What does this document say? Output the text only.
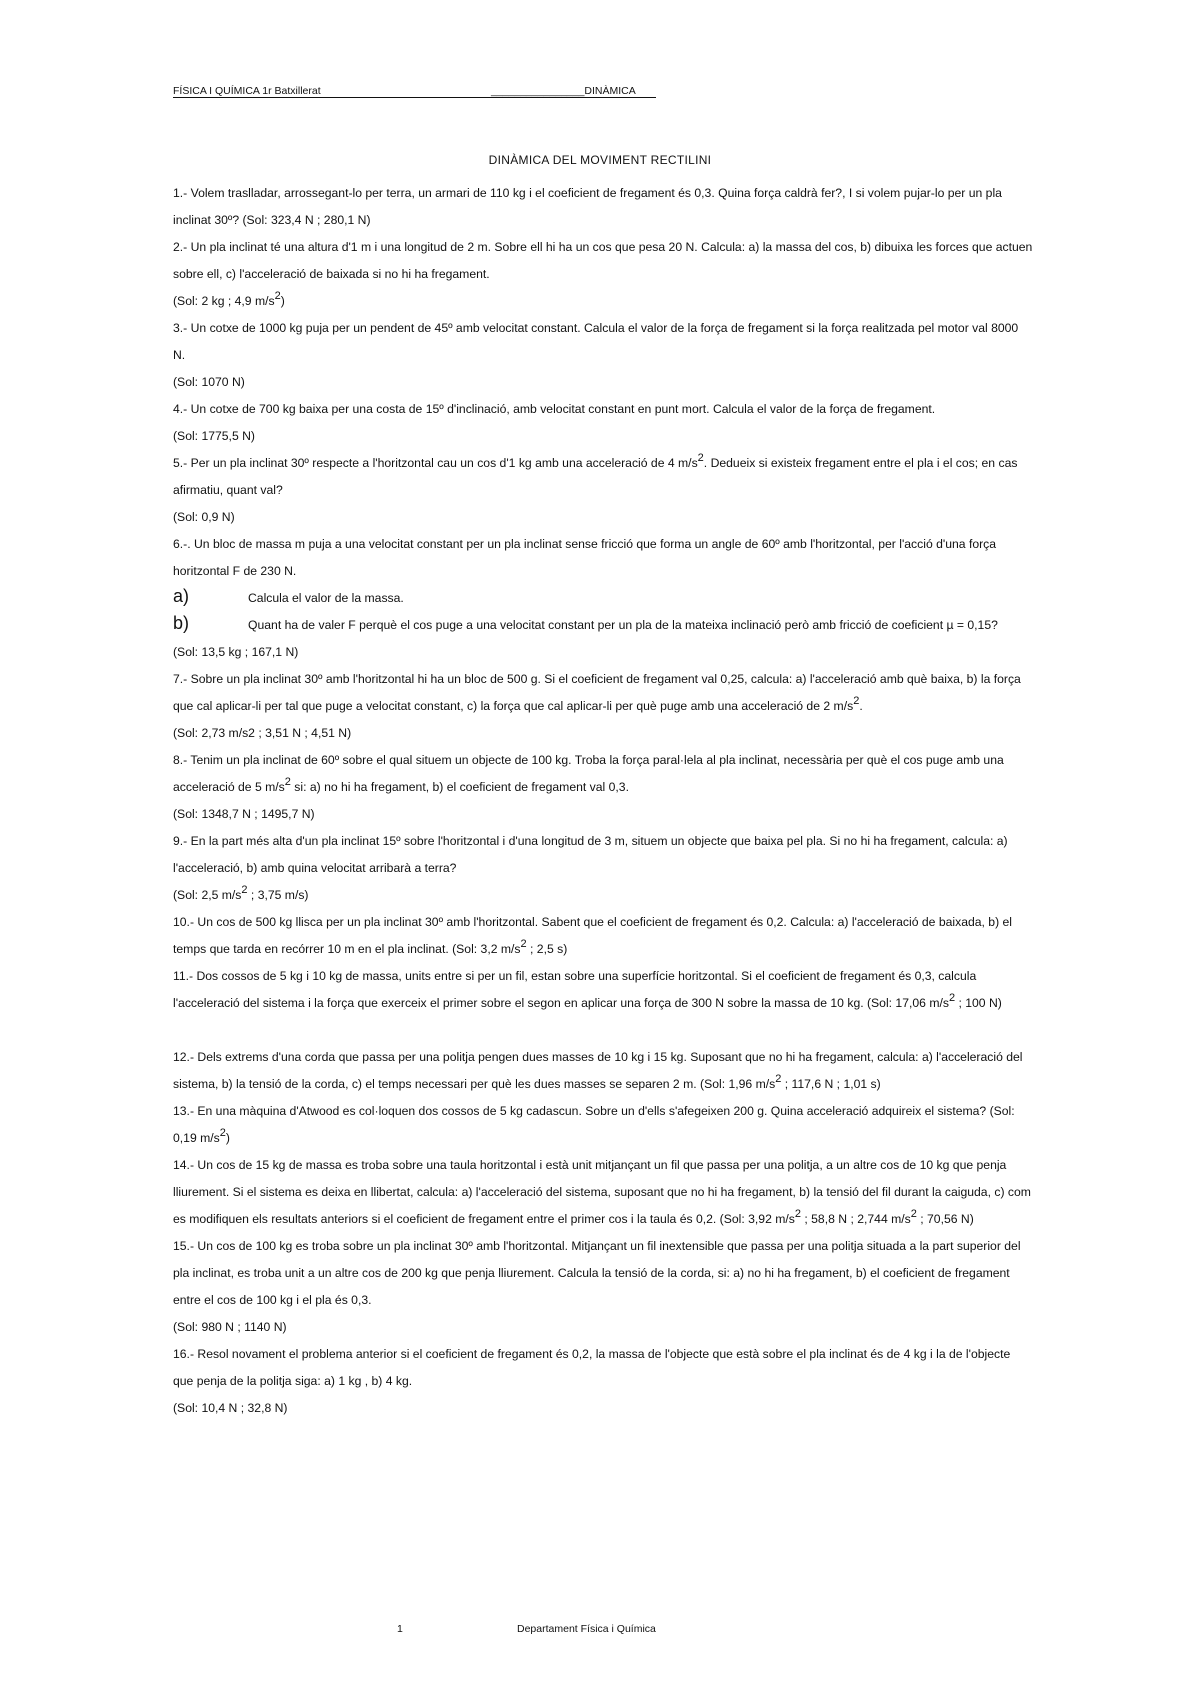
FÍSICA I QUÍMICA 1r Batxillerat	________________DINÀMICA
DINÀMICA DEL MOVIMENT RECTILINI

1.- Volem traslladar, arrossegant-lo per terra, un armari de 110 kg i el coeficient de fregament és 0,3. Quina força caldrà fer?, I si volem pujar-lo per un pla inclinat 30º? (Sol: 323,4 N ; 280,1 N)

2.- Un pla inclinat té una altura d'1 m i una longitud de 2 m. Sobre ell hi ha un cos que pesa 20 N. Calcula: a) la massa del cos, b) dibuixa les forces que actuen sobre ell, c) l'acceleració de baixada si no hi ha fregament.

(Sol: 2 kg ; 4,9 $m/s^2$)

3.- Un cotxe de 1000 kg puja per un pendent de 45º amb velocitat constant. Calcula el valor de la força de fregament si la força realitzada pel motor val 8000 N.

(Sol: 1070 N)

4.- Un cotxe de 700 kg baixa per una costa de 15º d'inclinació, amb velocitat constant en punt mort. Calcula el valor de la força de fregament.

(Sol: 1775,5 N)

5.- Per un pla inclinat 30º respecte a l'horitzontal cau un cos d'1 kg amb una acceleració de 4 $m/s^2$. Dedueix si existeix fregament entre el pla i el cos; en cas afirmatiu, quant val?

(Sol: 0,9 N)

6.-. Un bloc de massa m puja a una velocitat constant per un pla inclinat sense fricció que forma un angle de 60º amb l'horitzontal, per l'acció d'una força horitzontal F de 230 N.

a)	Calcula el valor de la massa.

b)	Quant ha de valer F perquè el cos puge a una velocitat constant per un pla de la mateixa inclinació però amb fricció de coeficient µ = 0,15?

(Sol: 13,5 kg ; 167,1 N)

7.- Sobre un pla inclinat 30º amb l'horitzontal hi ha un bloc de 500 g. Si el coeficient de fregament val 0,25, calcula: a) l'acceleració amb què baixa, b) la força que cal aplicar-li per tal que puge a velocitat constant, c) la força que cal aplicar-li per què puge amb una acceleració de 2 $m/s^2$.

(Sol: 2,73 m/s2 ; 3,51 N ; 4,51 N)

8.- Tenim un pla inclinat de 60º sobre el qual situem un objecte de 100 kg. Troba la força paral·lela al pla inclinat, necessària per què el cos puge amb una acceleració de 5 $m/s^2$ si: a) no hi ha fregament, b) el coeficient de fregament val 0,3.

(Sol: 1348,7 N ; 1495,7 N)

9.- En la part més alta d'un pla inclinat 15º sobre l'horitzontal i d'una longitud de 3 m, situem un objecte que baixa pel pla. Si no hi ha fregament, calcula: a) l'acceleració, b) amb quina velocitat arribarà a terra?

(Sol: 2,5 $m/s^2$ ; 3,75 m/s)

10.- Un cos de 500 kg llisca per un pla inclinat 30º amb l'horitzontal. Sabent que el coeficient de fregament és 0,2. Calcula: a) l'acceleració de baixada, b) el temps que tarda en recórrer 10 m en el pla inclinat. (Sol: 3,2 $m/s^2$ ; 2,5 s)

11.- Dos cossos de 5 kg i 10 kg de massa, units entre si per un fil, estan sobre una superfície horitzontal. Si el coeficient de fregament és 0,3, calcula l'acceleració del sistema i la força que exerceix el primer sobre el segon en aplicar una força de 300 N sobre la massa de 10 kg. (Sol: 17,06 $m/s^2$ ; 100 N)

12.- Dels extrems d'una corda que passa per una politja pengen dues masses de 10 kg i 15 kg. Suposant que no hi ha fregament, calcula: a) l'acceleració del sistema, b) la tensió de la corda, c) el temps necessari per què les dues masses se separen 2 m. (Sol: 1,96 $m/s^2$ ; 117,6 N ; 1,01 s)

13.- En una màquina d'Atwood es col·loquen dos cossos de 5 kg cadascun. Sobre un d'ells s'afegeixen 200 g. Quina acceleració adquireix el sistema? (Sol: 0,19 $m/s^2$)

14.- Un cos de 15 kg de massa es troba sobre una taula horitzontal i està unit mitjançant un fil que passa per una politja, a un altre cos de 10 kg que penja lliurement. Si el sistema es deixa en llibertat, calcula: a) l'acceleració del sistema, suposant que no hi ha fregament, b) la tensió del fil durant la caiguda, c) com es modifiquen els resultats anteriors si el coeficient de fregament entre el primer cos i la taula és 0,2. (Sol: 3,92 $m/s^2$ ; 58,8 N ; 2,744 $m/s^2$ ; 70,56 N)

15.- Un cos de 100 kg es troba sobre un pla inclinat 30º amb l'horitzontal. Mitjançant un fil inextensible que passa per una politja situada a la part superior del pla inclinat, es troba unit a un altre cos de 200 kg que penja lliurement. Calcula la tensió de la corda, si: a) no hi ha fregament, b) el coeficient de fregament entre el cos de 100 kg i el pla és 0,3.

(Sol: 980 N ; 1140 N)

16.- Resol novament el problema anterior si el coeficient de fregament és 0,2, la massa de l'objecte que està sobre el pla inclinat és de 4 kg i la de l'objecte que penja de la politja siga: a) 1 kg , b) 4 kg.

(Sol: 10,4 N ; 32,8 N)

1	Departament Física i Química
